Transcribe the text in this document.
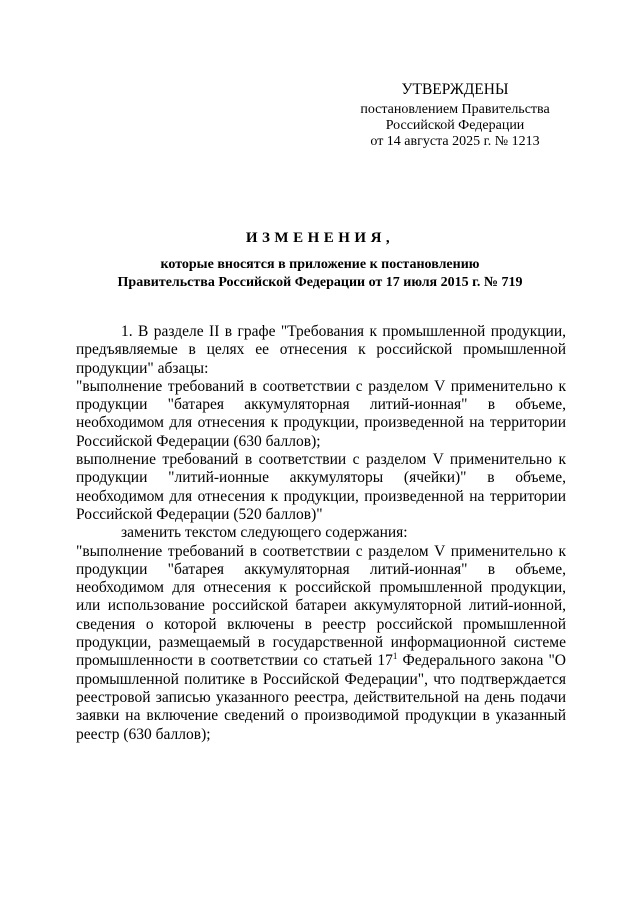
УТВЕРЖДЕНЫ
постановлением Правительства
Российской Федерации
от 14 августа 2025 г. № 1213
ИЗМЕНЕНИЯ,
которые вносятся в приложение к постановлению
Правительства Российской Федерации от 17 июля 2015 г. № 719

1. В разделе II в графе "Требования к промышленной продукции, предъявляемые в целях ее отнесения к российской промышленной продукции" абзацы:

"выполнение требований в соответствии с разделом V применительно к продукции "батарея аккумуляторная литий-ионная" в объеме, необходимом для отнесения к продукции, произведенной на территории Российской Федерации (630 баллов);

выполнение требований в соответствии с разделом V применительно к продукции "литий-ионные аккумуляторы (ячейки)" в объеме, необходимом для отнесения к продукции, произведенной на территории Российской Федерации (520 баллов)"

заменить текстом следующего содержания:

"выполнение требований в соответствии с разделом V применительно к продукции "батарея аккумуляторная литий-ионная" в объеме, необходимом для отнесения к российской промышленной продукции, или использование российской батареи аккумуляторной литий-ионной, сведения о которой включены в реестр российской промышленной продукции, размещаемый в государственной информационной системе промышленности в соответствии со статьей $17^1$ Федерального закона "О промышленной политике в Российской Федерации", что подтверждается реестровой записью указанного реестра, действительной на день подачи заявки на включение сведений о производимой продукции в указанный реестр (630 баллов);
